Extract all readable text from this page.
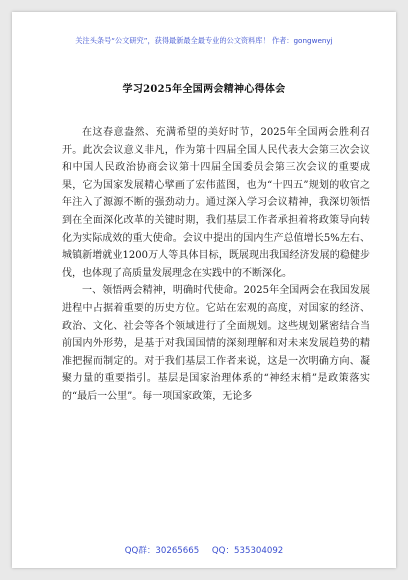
关注头条号“公文研究”，获得最新最全最专业的公文资料库！ 作者：gongwenyj
学习2025年全国两会精神心得体会

在这春意盎然、充满希望的美好时节，2025年全国两会胜利召开。此次会议意义非凡，作为第十四届全国人民代表大会第三次会议和中国人民政治协商会议第十四届全国委员会第三次会议的重要成果，它为国家发展精心擘画了宏伟蓝图，也为“十四五”规划的收官之年注入了源源不断的强劲动力。通过深入学习会议精神，我深切领悟到在全面深化改革的关键时期，我们基层工作者承担着将政策导向转化为实际成效的重大使命。会议中提出的国内生产总值增长5%左右、城镇新增就业1200万人等具体目标，既展现出我国经济发展的稳健步伐，也体现了高质量发展理念在实践中的不断深化。

一、领悟两会精神，明确时代使命。2025年全国两会在我国发展进程中占据着重要的历史方位。它站在宏观的高度，对国家的经济、政治、文化、社会等各个领域进行了全面规划。这些规划紧密结合当前国内外形势，是基于对我国国情的深刻理解和对未来发展趋势的精准把握而制定的。对于我们基层工作者来说，这是一次明确方向、凝聚力量的重要指引。基层是国家治理体系的“神经末梢”是政策落实的“最后一公里”。每一项国家政策，无论多

QQ群：30265665 QQ：535304092
